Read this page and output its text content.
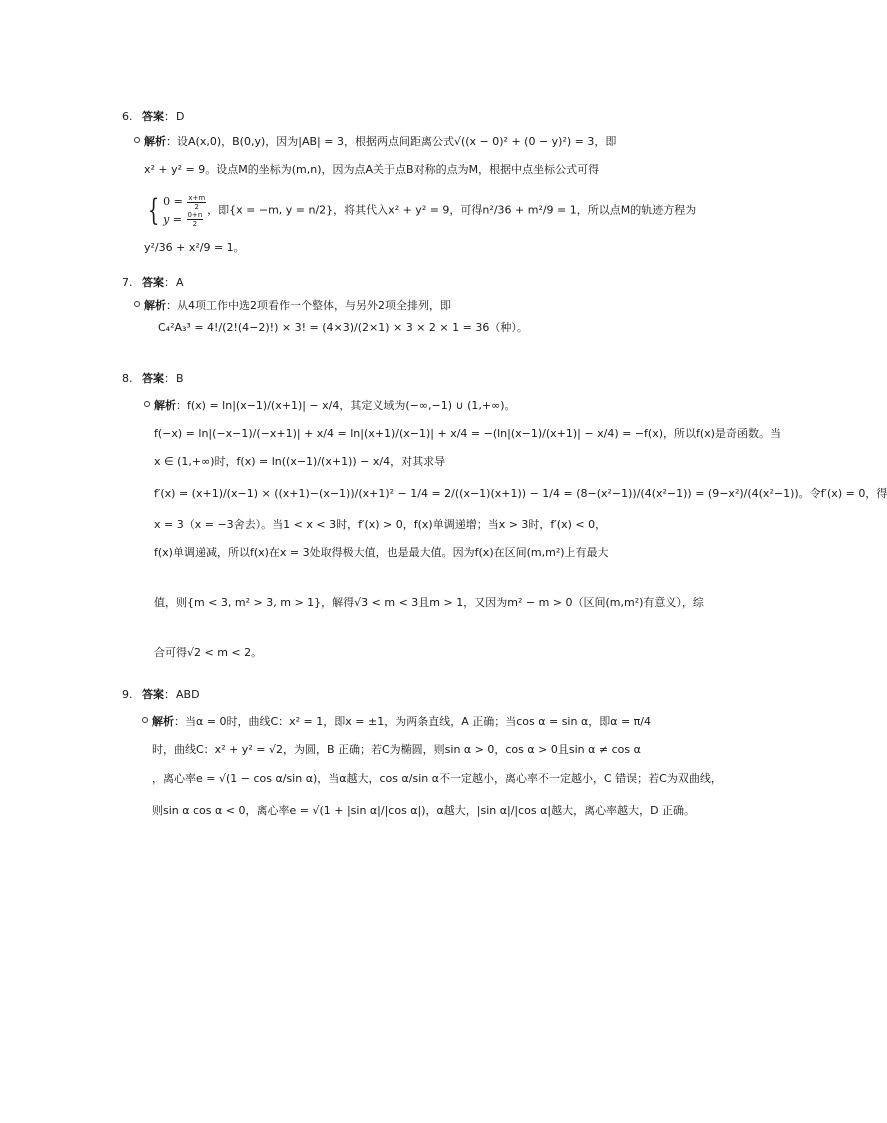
6. 答案 ： D
解析：设A(x,0)，B(0,y)，因为|AB| = 3，根据两点间距离公式√((x − 0)² + (0 − y)²) = 3，即
x² + y² = 9。设点M的坐标为(m,n)，因为点A关于点B对称的点为M，根据中点坐标公式可得
{ $0 = \frac{x+m}{2}$

$y = \frac{0+n}{2}$
，即{x = −m, y = n/2}，将其代入x² + y² = 9，可得n²/36 + m²/9 = 1，所以点M的轨迹方程为
y²/36 + x²/9 = 1。
7. 答案 ： A
解析：从4项工作中选2项看作一个整体，与另外2项全排列，即
C₄²A₃³ = 4!/(2!(4−2)!) × 3! = (4×3)/(2×1) × 3 × 2 × 1 = 36（种）。
8. 答案 ： B
解析：f(x) = ln|(x−1)/(x+1)| − x/4，其定义域为(−∞,−1) ∪ (1,+∞)。
f(−x) = ln|(−x−1)/(−x+1)| + x/4 = ln|(x+1)/(x−1)| + x/4 = −(ln|(x−1)/(x+1)| − x/4) = −f(x)，所以f(x)是奇函数。当
x ∈ (1,+∞)时，f(x) = ln((x−1)/(x+1)) − x/4，对其求导
f′(x) = (x+1)/(x−1) × ((x+1)−(x−1))/(x+1)² − 1/4 = 2/((x−1)(x+1)) − 1/4 = (8−(x²−1))/(4(x²−1)) = (9−x²)/(4(x²−1))。令f′(x) = 0，得
x = 3（x = −3舍去）。当1 < x < 3时，f′(x) > 0，f(x)单调递增；当x > 3时，f′(x) < 0，
f(x)单调递减，所以f(x)在x = 3处取得极大值，也是最大值。因为f(x)在区间(m,m²)上有最大
值，则{m < 3, m² > 3, m > 1}，解得√3 < m < 3且m > 1，又因为m² − m > 0（区间(m,m²)有意义），综
合可得√2 < m < 2。
9. 答案 ： ABD
解析：当α = 0时，曲线C：x² = 1，即x = ±1，为两条直线，A 正确；当cos α = sin α，即α = π/4
时，曲线C：x² + y² = √2，为圆，B 正确；若C为椭圆，则sin α > 0，cos α > 0且sin α ≠ cos α
，离心率e = √(1 − cos α/sin α)，当α越大，cos α/sin α不一定越小，离心率不一定越小，C 错误；若C为双曲线，
则sin α cos α < 0，离心率e = √(1 + |sin α|/|cos α|)，α越大，|sin α|/|cos α|越大，离心率越大，D 正确。
